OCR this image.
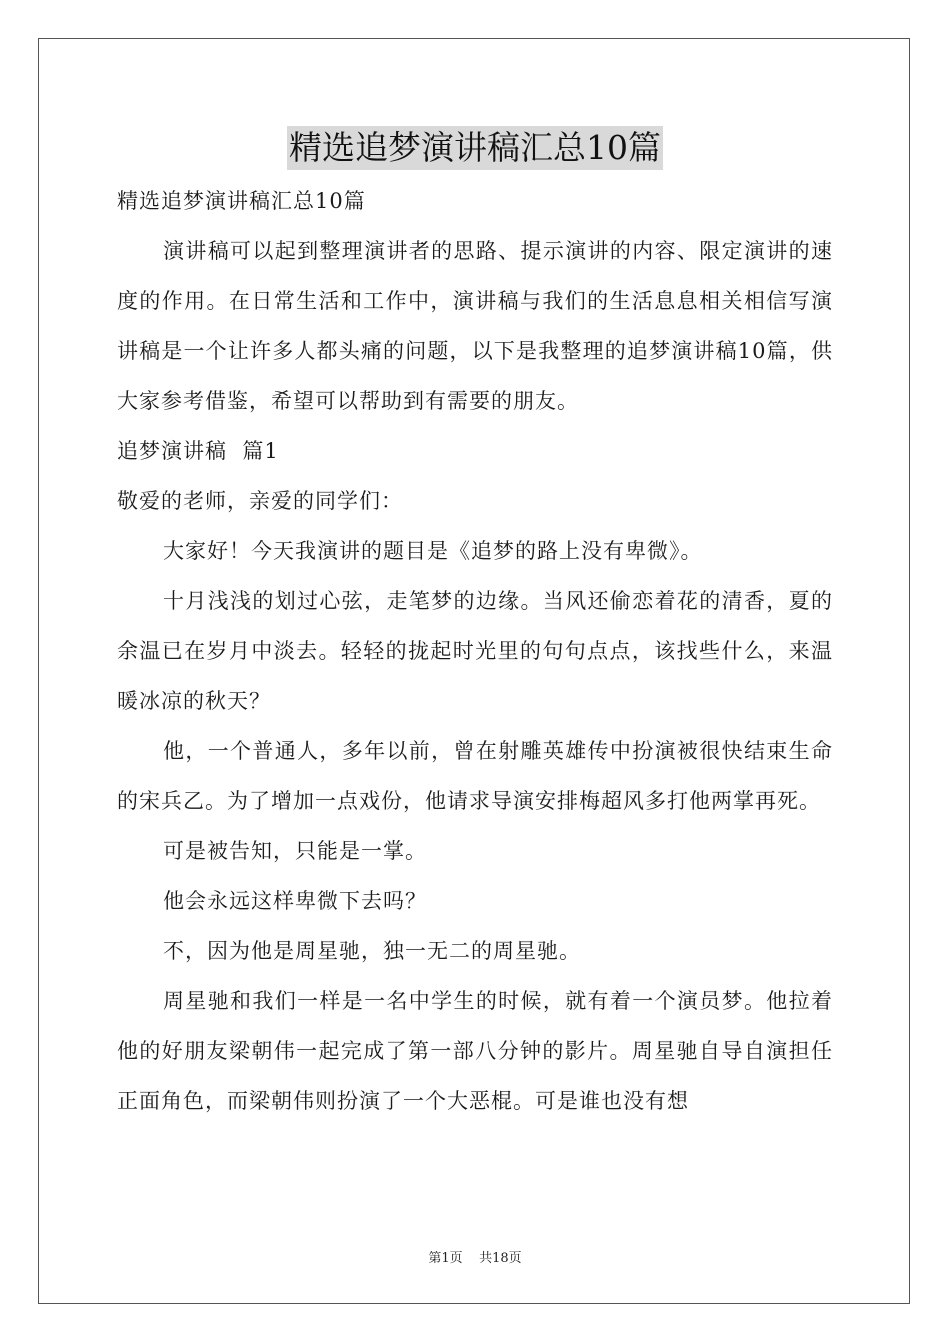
精选追梦演讲稿汇总10篇

精选追梦演讲稿汇总10篇

演讲稿可以起到整理演讲者的思路、提示演讲的内容、限定演讲的速度的作用。在日常生活和工作中，演讲稿与我们的生活息息相关相信写演讲稿是一个让许多人都头痛的问题，以下是我整理的追梦演讲稿10篇，供大家参考借鉴，希望可以帮助到有需要的朋友。

追梦演讲稿  篇1

敬爱的老师，亲爱的同学们：

大家好！今天我演讲的题目是《追梦的路上没有卑微》。

十月浅浅的划过心弦，走笔梦的边缘。当风还偷恋着花的清香，夏的余温已在岁月中淡去。轻轻的拢起时光里的句句点点，该找些什么，来温暖冰凉的秋天？

他，一个普通人，多年以前，曾在射雕英雄传中扮演被很快结束生命的宋兵乙。为了增加一点戏份，他请求导演安排梅超风多打他两掌再死。

可是被告知，只能是一掌。

他会永远这样卑微下去吗？

不，因为他是周星驰，独一无二的周星驰。

周星驰和我们一样是一名中学生的时候，就有着一个演员梦。他拉着他的好朋友梁朝伟一起完成了第一部八分钟的影片。周星驰自导自演担任正面角色，而梁朝伟则扮演了一个大恶棍。可是谁也没有想

第1页    共18页
